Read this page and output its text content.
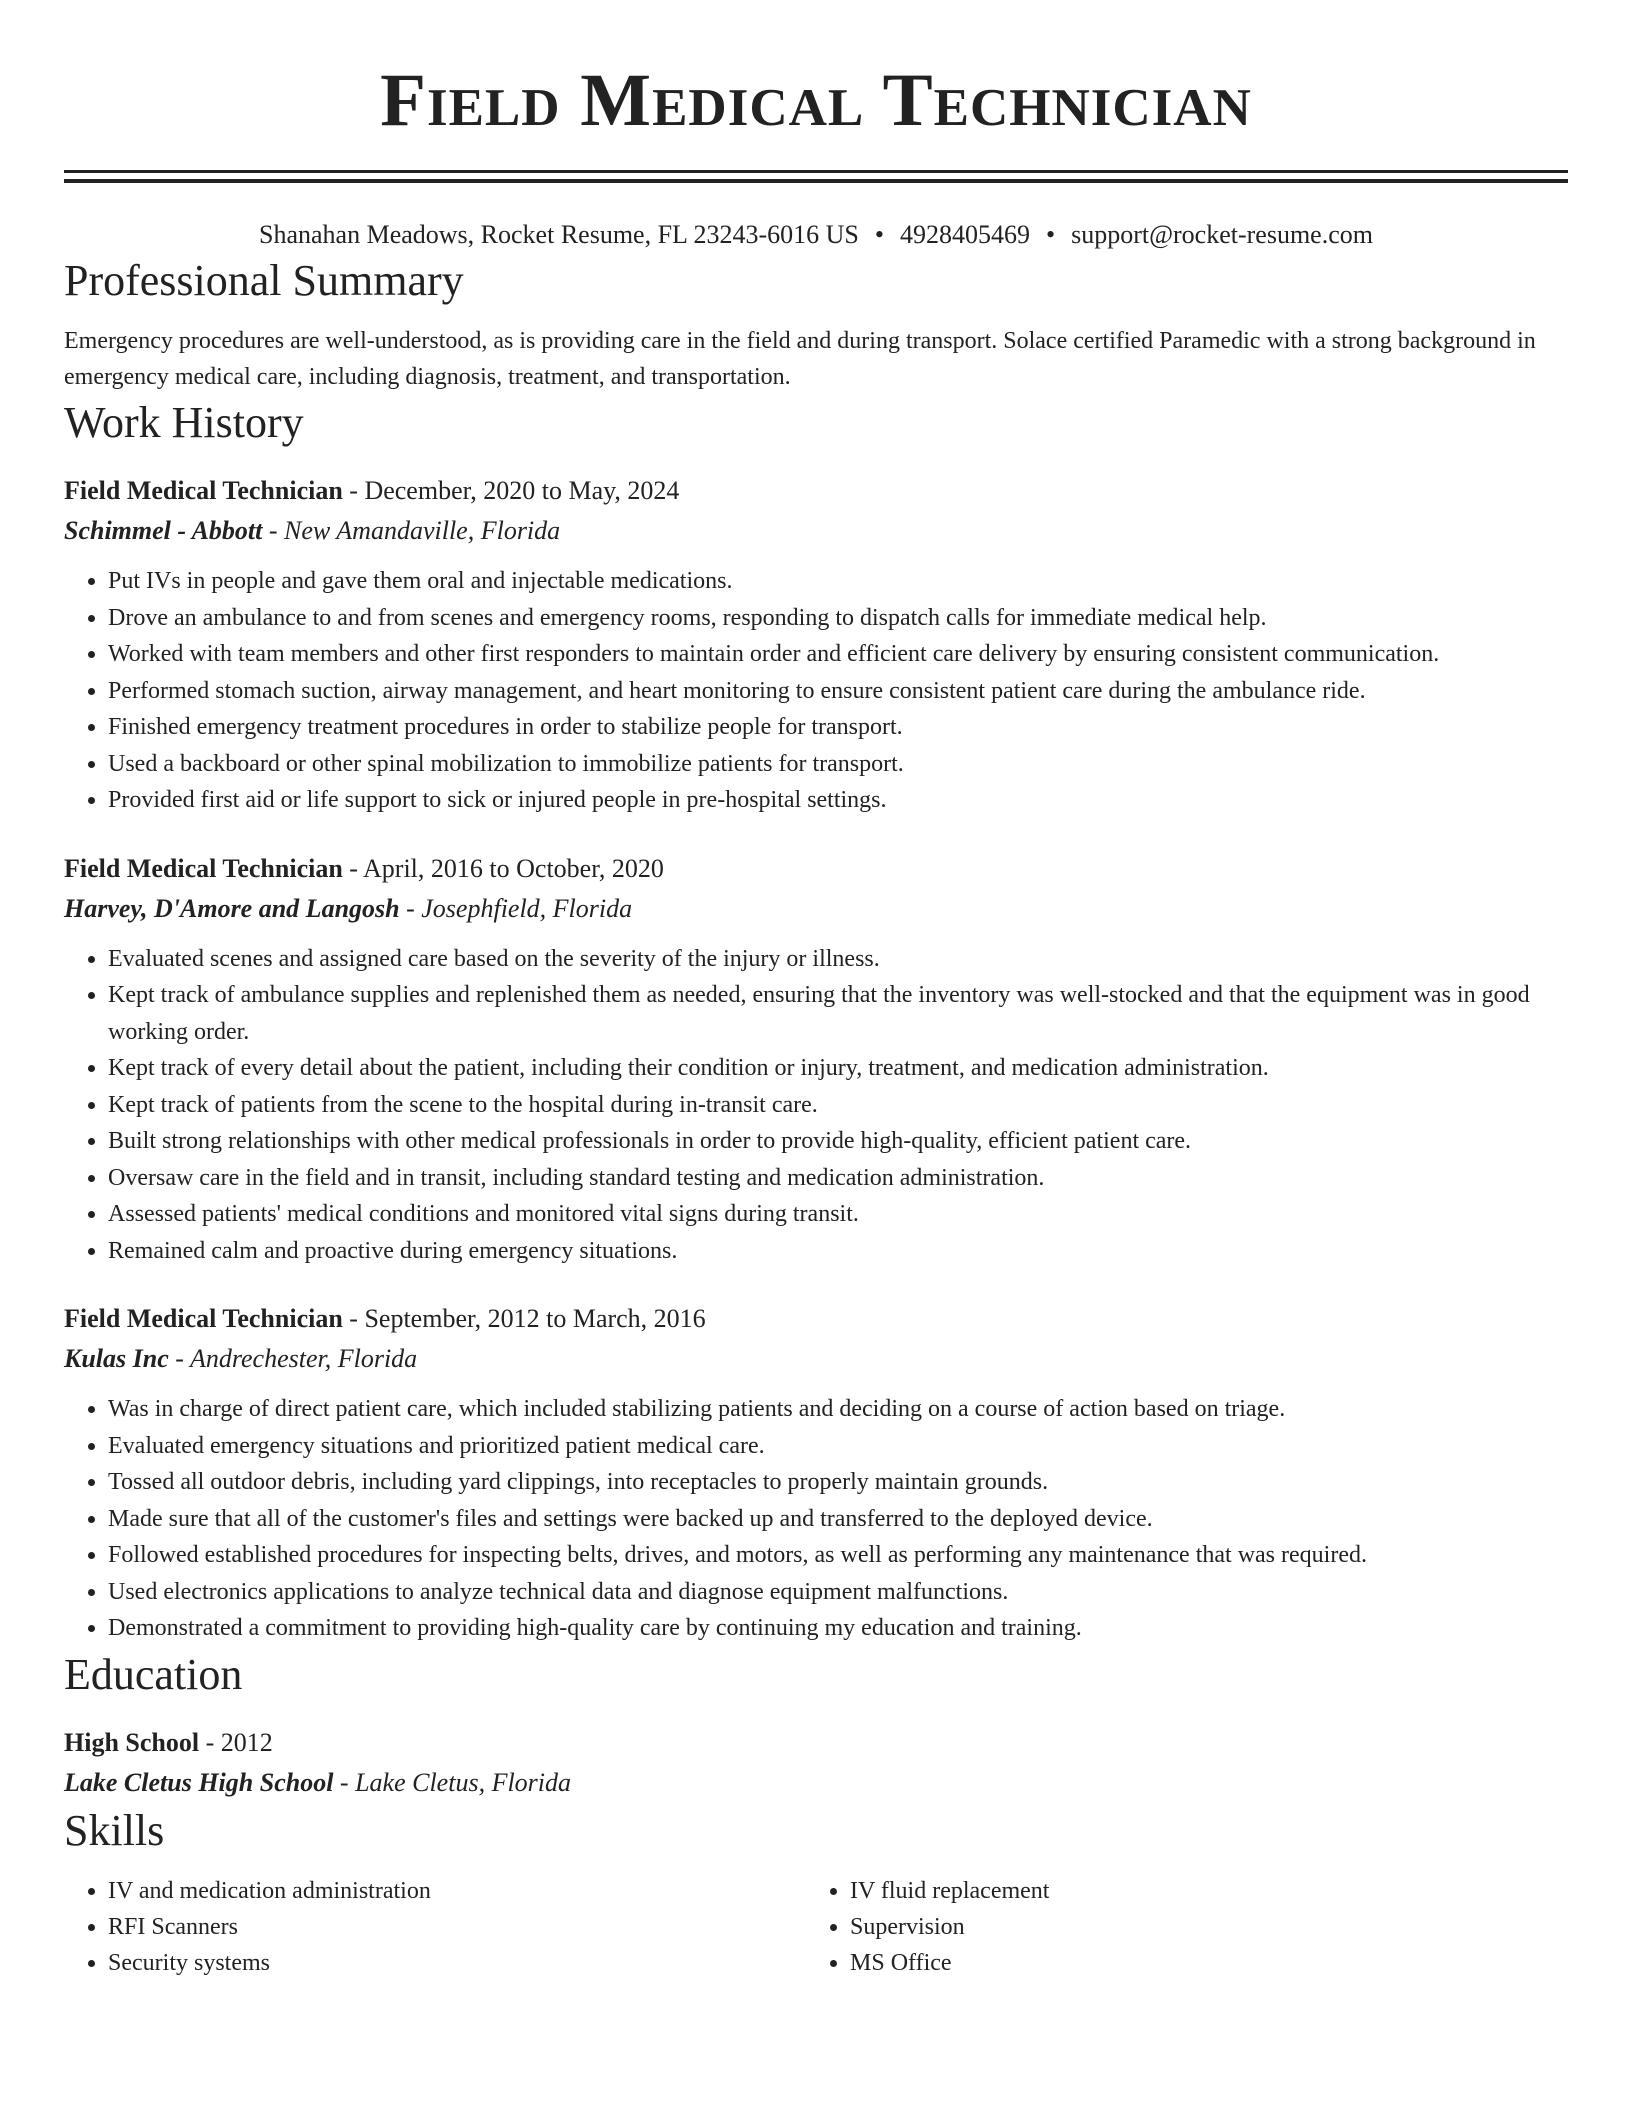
Field Medical Technician
Shanahan Meadows, Rocket Resume, FL 23243-6016 US • 4928405469 • support@rocket-resume.com
Professional Summary
Emergency procedures are well-understood, as is providing care in the field and during transport. Solace certified Paramedic with a strong background in emergency medical care, including diagnosis, treatment, and transportation.
Work History
Field Medical Technician - December, 2020 to May, 2024
Schimmel - Abbott - New Amandaville, Florida
• Put IVs in people and gave them oral and injectable medications.
• Drove an ambulance to and from scenes and emergency rooms, responding to dispatch calls for immediate medical help.
• Worked with team members and other first responders to maintain order and efficient care delivery by ensuring consistent communication.
• Performed stomach suction, airway management, and heart monitoring to ensure consistent patient care during the ambulance ride.
• Finished emergency treatment procedures in order to stabilize people for transport.
• Used a backboard or other spinal mobilization to immobilize patients for transport.
• Provided first aid or life support to sick or injured people in pre-hospital settings.
Field Medical Technician - April, 2016 to October, 2020
Harvey, D'Amore and Langosh - Josephfield, Florida
• Evaluated scenes and assigned care based on the severity of the injury or illness.
• Kept track of ambulance supplies and replenished them as needed, ensuring that the inventory was well-stocked and that the equipment was in good working order.
• Kept track of every detail about the patient, including their condition or injury, treatment, and medication administration.
• Kept track of patients from the scene to the hospital during in-transit care.
• Built strong relationships with other medical professionals in order to provide high-quality, efficient patient care.
• Oversaw care in the field and in transit, including standard testing and medication administration.
• Assessed patients' medical conditions and monitored vital signs during transit.
• Remained calm and proactive during emergency situations.
Field Medical Technician - September, 2012 to March, 2016
Kulas Inc - Andrechester, Florida
• Was in charge of direct patient care, which included stabilizing patients and deciding on a course of action based on triage.
• Evaluated emergency situations and prioritized patient medical care.
• Tossed all outdoor debris, including yard clippings, into receptacles to properly maintain grounds.
• Made sure that all of the customer's files and settings were backed up and transferred to the deployed device.
• Followed established procedures for inspecting belts, drives, and motors, as well as performing any maintenance that was required.
• Used electronics applications to analyze technical data and diagnose equipment malfunctions.
• Demonstrated a commitment to providing high-quality care by continuing my education and training.
Education
High School - 2012
Lake Cletus High School - Lake Cletus, Florida
Skills
• IV and medication administration
• RFI Scanners
• Security systems
• IV fluid replacement
• Supervision
• MS Office
